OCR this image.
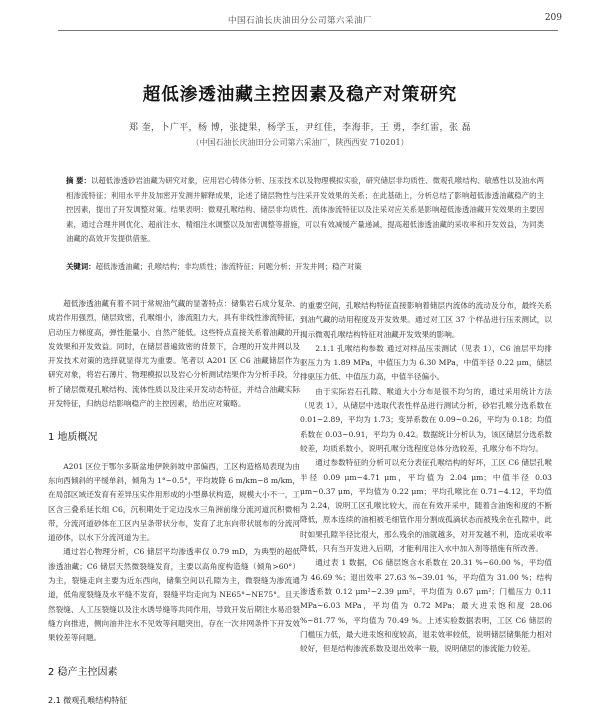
中国石油长庆油田分公司第六采油厂	209
超低渗透油藏主控因素及稳产对策研究
郑 奎，卜广平，杨 博，张捷果，杨学玉，尹红佳，李海菲，王 勇，李红雷，张 磊
（中国石油长庆油田分公司第六采油厂，陕西西安 710201）
摘 要：以超低渗透砂岩油藏为研究对象，应用岩心铸体分析、压汞技术以及物理模拟实验，研究储层非均质性、微观孔喉结构、敏感性以及油水两相渗流特征；利用水平井及加密开发测井解释成果，论述了储层物性与注采开发效果的关系；在此基础上，分析总结了影响超低渗透油藏稳产的主控因素，提出了开发调整对策。结果表明：微观孔喉结构、储层非均质性、流体渗流特征以及注采对应关系是影响超低渗透油藏开发效果的主要因素，通过合理井网优化、超前注水、精细注水调整以及加密调整等措施，可以有效减缓产量递减，提高超低渗透油藏的采收率和开发效益，为同类油藏的高效开发提供借鉴。
关键词：超低渗透油藏；孔喉结构；非均质性；渗流特征；问题分析；开发井网；稳产对策

超低渗透油藏有着不同于常规油气藏的显著特点：储集岩石成分复杂、成岩作用强烈，储层致密，孔喉细小，渗流阻力大，具有非线性渗流特征，启动压力梯度高，弹性能量小、自然产能低。这些特点直接关系着油藏的开发效果和开发效益。同时，在储层普遍致密的背景下，合理的开发井网以及开发技术对策的选择就显得尤为重要。笔者以 A201 区 C6 油藏储层作为研究对象，将岩石薄片、物理模拟以及岩心分析测试结果作为分析手段，分析了储层微观孔喉结构、流体性质以及注采开发动态特征，并结合油藏实际开发特征，归纳总结影响稳产的主控因素，给出应对策略。

1 地质概况

A201 区位于鄂尔多斯盆地伊陕斜坡中部偏西，工区构造格局表现为由东向西倾斜的平缓单斜，倾角为 1°~0.5°，平均坡降 6 m/km~8 m/km，在局部区域还发育有差异压实作用形成的小型鼻状构造，规模大小不一，工区含三叠系延长组 C6，沉积期处于定边浅水三角洲前缘分流河道沉积微相带，分流河道砂体在工区内呈条带状分布，发育了北东向带状展布的分流河道砂体，以水下分流河道为主。

通过岩心物理分析，C6 储层平均渗透率仅 0.79 mD，为典型的超低渗透油藏；C6 储层天然微裂缝发育，主要以高角度构造缝（倾角>60°）为主，裂缝走向主要为近东西向，储集空间以孔隙为主，微裂缝为渗流通道，低角度裂缝及水平缝不发育，裂缝平均走向为 NE65°~NE75°。且天然裂缝、人工压裂缝以及注水诱导缝等共同作用，导致开发后期注水易沿裂缝方向推进，侧向油井注水不见效等问题突出，存在一次井网条件下开发效果较差等问题。

2 稳产主控因素
2.1 微观孔喉结构特征

的重要空间，孔喉结构特征直接影响着储层内流体的流动及分布，最终关系到油气藏的动用程度及开发效果。通过对工区 37 个样品进行压汞测试，以揭示微观孔喉结构特征对油藏开发效果的影响。

2.1.1 孔喉结构参数 通过对样品压汞测试（见表 1），C6 油层平均排驱压力为 1.89 MPa，中值压力为 6.30 MPa，中值半径 0.22 μm，储层排驱压力低、中值压力高，中值半径偏小。

由于实际岩石孔隙、喉道大小分布是很不均匀的，通过采用统计方法（见表 1），从储层中选取代表性样品进行测试分析，砂岩孔喉分选系数在 0.01~2.89，平均为 1.73；变异系数在 0.09~0.26，平均为 0.18；均值系数在 0.03~0.91，平均为 0.42。数据统计分析认为，该区储层分选系数较差，均质系数小，说明孔喉分选程度总体分选较差，孔喉分布不均匀。

通过参数特征的分析可以充分表征孔喉结构的好坏，工区 C6 储层孔喉半径 0.09 μm~4.71 μm，平均值为 2.04 μm；中值半径 0.03 μm~0.37 μm，平均值为 0.22 μm；平均孔喉比在 0.71~4.12，平均值为 2.24，说明工区孔喉比较大，而在有效开采中，随着含油饱和度的不断降低，原本连续的油相被毛细管作用分割成孤滴状态而被残余在孔隙中，此时如果孔隙半径比很大，那么残余的油就越多，对开发越不利，造成采收率降低，只有当开发进入后期，才能利用注入水中加入剂等措施有所改善。

通过表 1 数据，C6 储层饱含水系数在 20.31 %~60.00 %，平均值为 46.69 %；退出效率 27.63 %~39.01 %，平均值为 31.00 %；结构渗透系数 0.12 μm²~2.39 μm²，平均值为 0.67 μm²；门槛压力 0.11 MPa~6.03 MPa，平均值为 0.72 MPa；最大进汞饱和度 28.06 %~81.77 %，平均值为 70.49 %。上述实验数据表明，工区 C6 储层的门槛压力低，最大进汞饱和度较高，退汞效率较低，说明储层储集能力相对较好，但是结构渗流系数及退出效率一般，说明储层的渗流能力较差。
